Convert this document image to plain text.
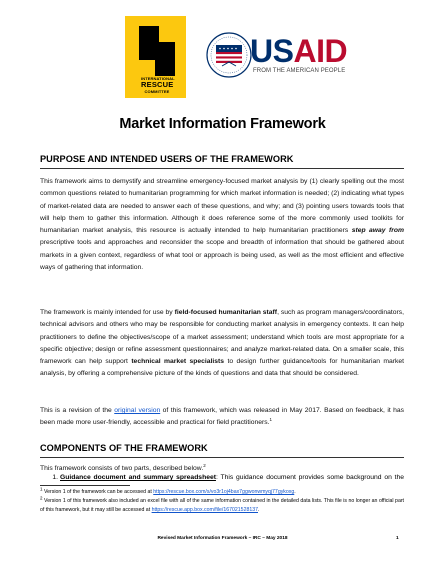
INTERNATIONAL
RESCUE
COMMITTEE
USAID
FROM THE AMERICAN PEOPLE
Market Information Framework
PURPOSE AND INTENDED USERS OF THE FRAMEWORK

This framework aims to demystify and streamline emergency-focused market analysis by (1) clearly spelling out the most common questions related to humanitarian programming for which market information is needed; (2) indicating what types of market-related data are needed to answer each of these questions, and why; and (3) pointing users towards tools that will help them to gather this information. Although it does reference some of the more commonly used toolkits for humanitarian market analysis, this resource is actually intended to help humanitarian practitioners step away from prescriptive tools and approaches and reconsider the scope and breadth of information that should be gathered about markets in a given context, regardless of what tool or approach is being used, as well as the most efficient and effective ways of gathering that information.

The framework is mainly intended for use by field-focused humanitarian staff, such as program managers/coordinators, technical advisors and others who may be responsible for conducting market analysis in emergency contexts. It can help practitioners to define the objectives/scope of a market assessment; understand which tools are most appropriate for a specific objective; design or refine assessment questionnaires; and analyze market-related data. On a smaller scale, this framework can help support technical market specialists to design further guidance/tools for humanitarian market analysis, by offering a comprehensive picture of the kinds of questions and data that should be considered.

This is a revision of the original version of this framework, which was released in May 2017. Based on feedback, it has been made more user-friendly, accessible and practical for field practitioners.$^1$

COMPONENTS OF THE FRAMEWORK

This framework consists of two parts, described below.$^2$

1. Guidance document and summary spreadsheet: This guidance document provides some background on the
$^1$ Version 1 of the framework can be accessed at https://rescue.box.com/s/vo3r1oj4bax7ggwonwmyqj77gykoxg.
$^2$ Version 1 of this framework also included an excel file with all of the same information contained in the detailed data lists. This file is no longer an official part of this framework, but it may still be accessed at https://rescue.app.box.com/file/167021528137.
Revised Market Information Framework – IRC – May 2018	1
